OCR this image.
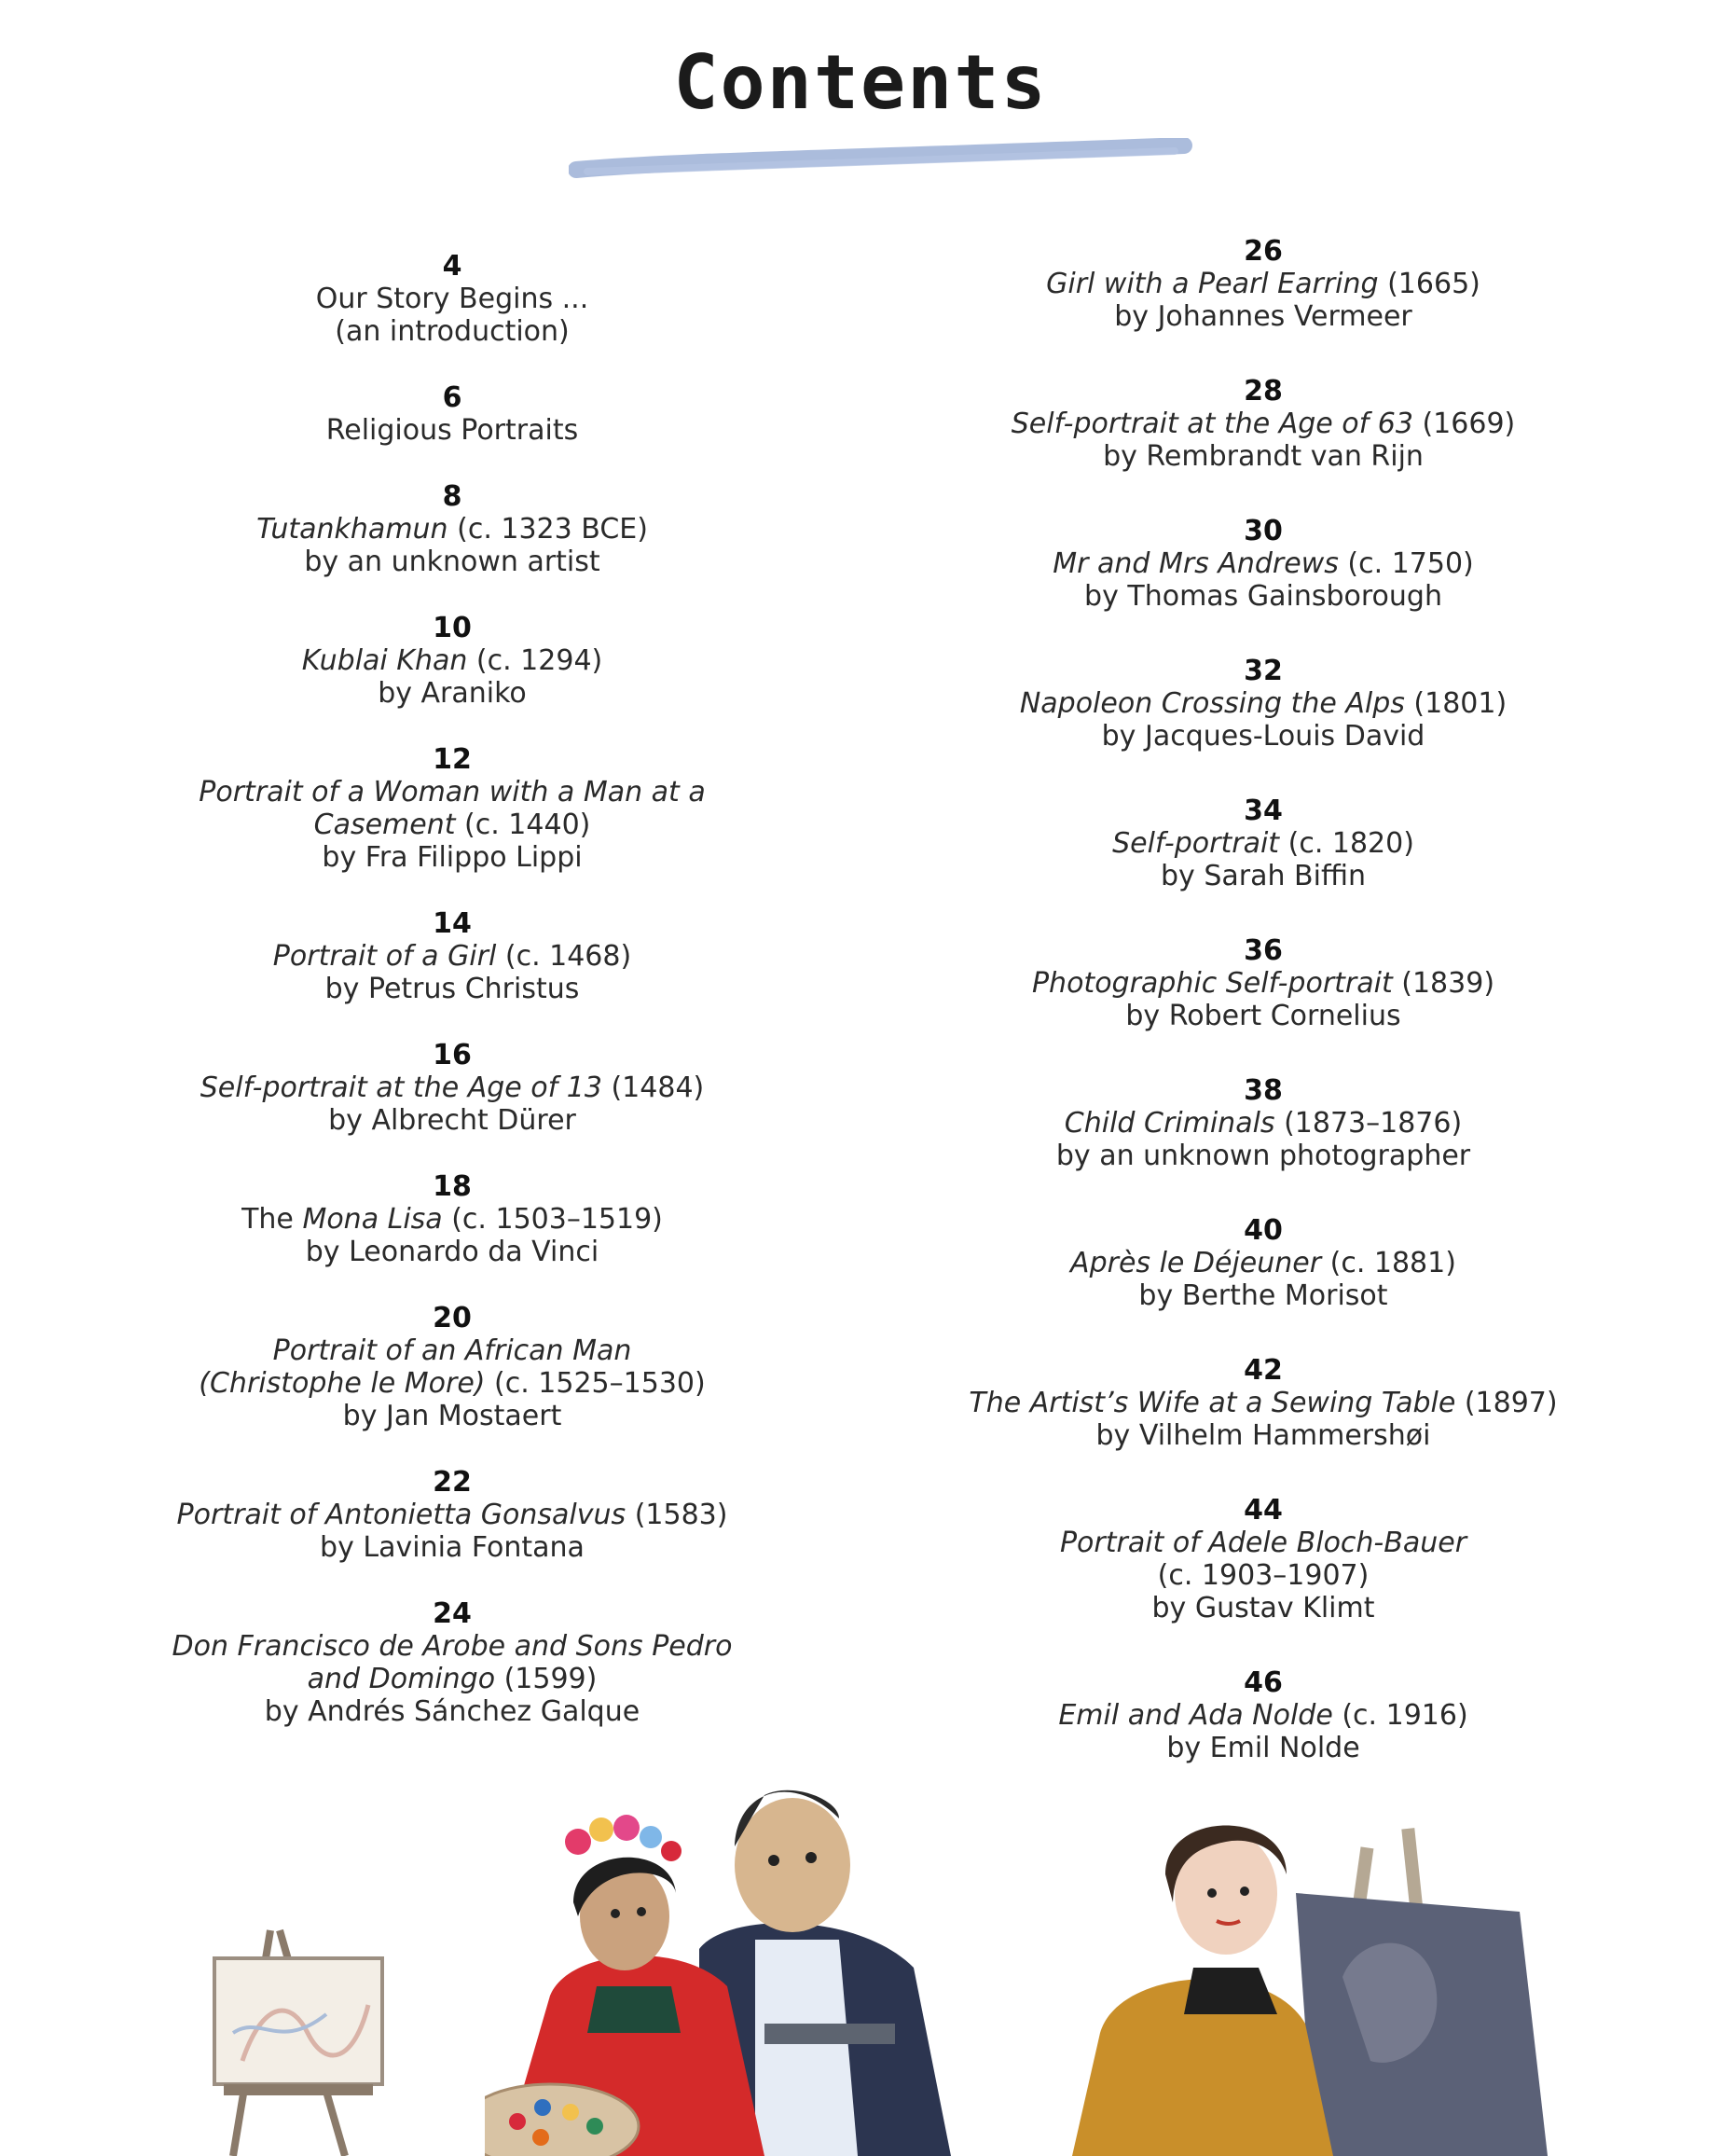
Contents
4
Our Story Begins ...
(an introduction)
6
Religious Portraits
8
Tutankhamun (c. 1323 BCE)
by an unknown artist
10
Kublai Khan (c. 1294)
by Araniko
12
Portrait of a Woman with a Man at a
Casement (c. 1440)
by Fra Filippo Lippi
14
Portrait of a Girl (c. 1468)
by Petrus Christus
16
Self-portrait at the Age of 13 (1484)
by Albrecht Dürer
18
The Mona Lisa (c. 1503–1519)
by Leonardo da Vinci
20
Portrait of an African Man
(Christophe le More) (c. 1525–1530)
by Jan Mostaert
22
Portrait of Antonietta Gonsalvus (1583)
by Lavinia Fontana
24
Don Francisco de Arobe and Sons Pedro
and Domingo (1599)
by Andrés Sánchez Galque
26
Girl with a Pearl Earring (1665)
by Johannes Vermeer
28
Self-portrait at the Age of 63 (1669)
by Rembrandt van Rijn
30
Mr and Mrs Andrews (c. 1750)
by Thomas Gainsborough
32
Napoleon Crossing the Alps (1801)
by Jacques-Louis David
34
Self-portrait (c. 1820)
by Sarah Biffin
36
Photographic Self-portrait (1839)
by Robert Cornelius
38
Child Criminals (1873–1876)
by an unknown photographer
40
Après le Déjeuner (c. 1881)
by Berthe Morisot
42
The Artist’s Wife at a Sewing Table (1897)
by Vilhelm Hammershøi
44
Portrait of Adele Bloch-Bauer
(c. 1903–1907)
by Gustav Klimt
46
Emil and Ada Nolde (c. 1916)
by Emil Nolde
